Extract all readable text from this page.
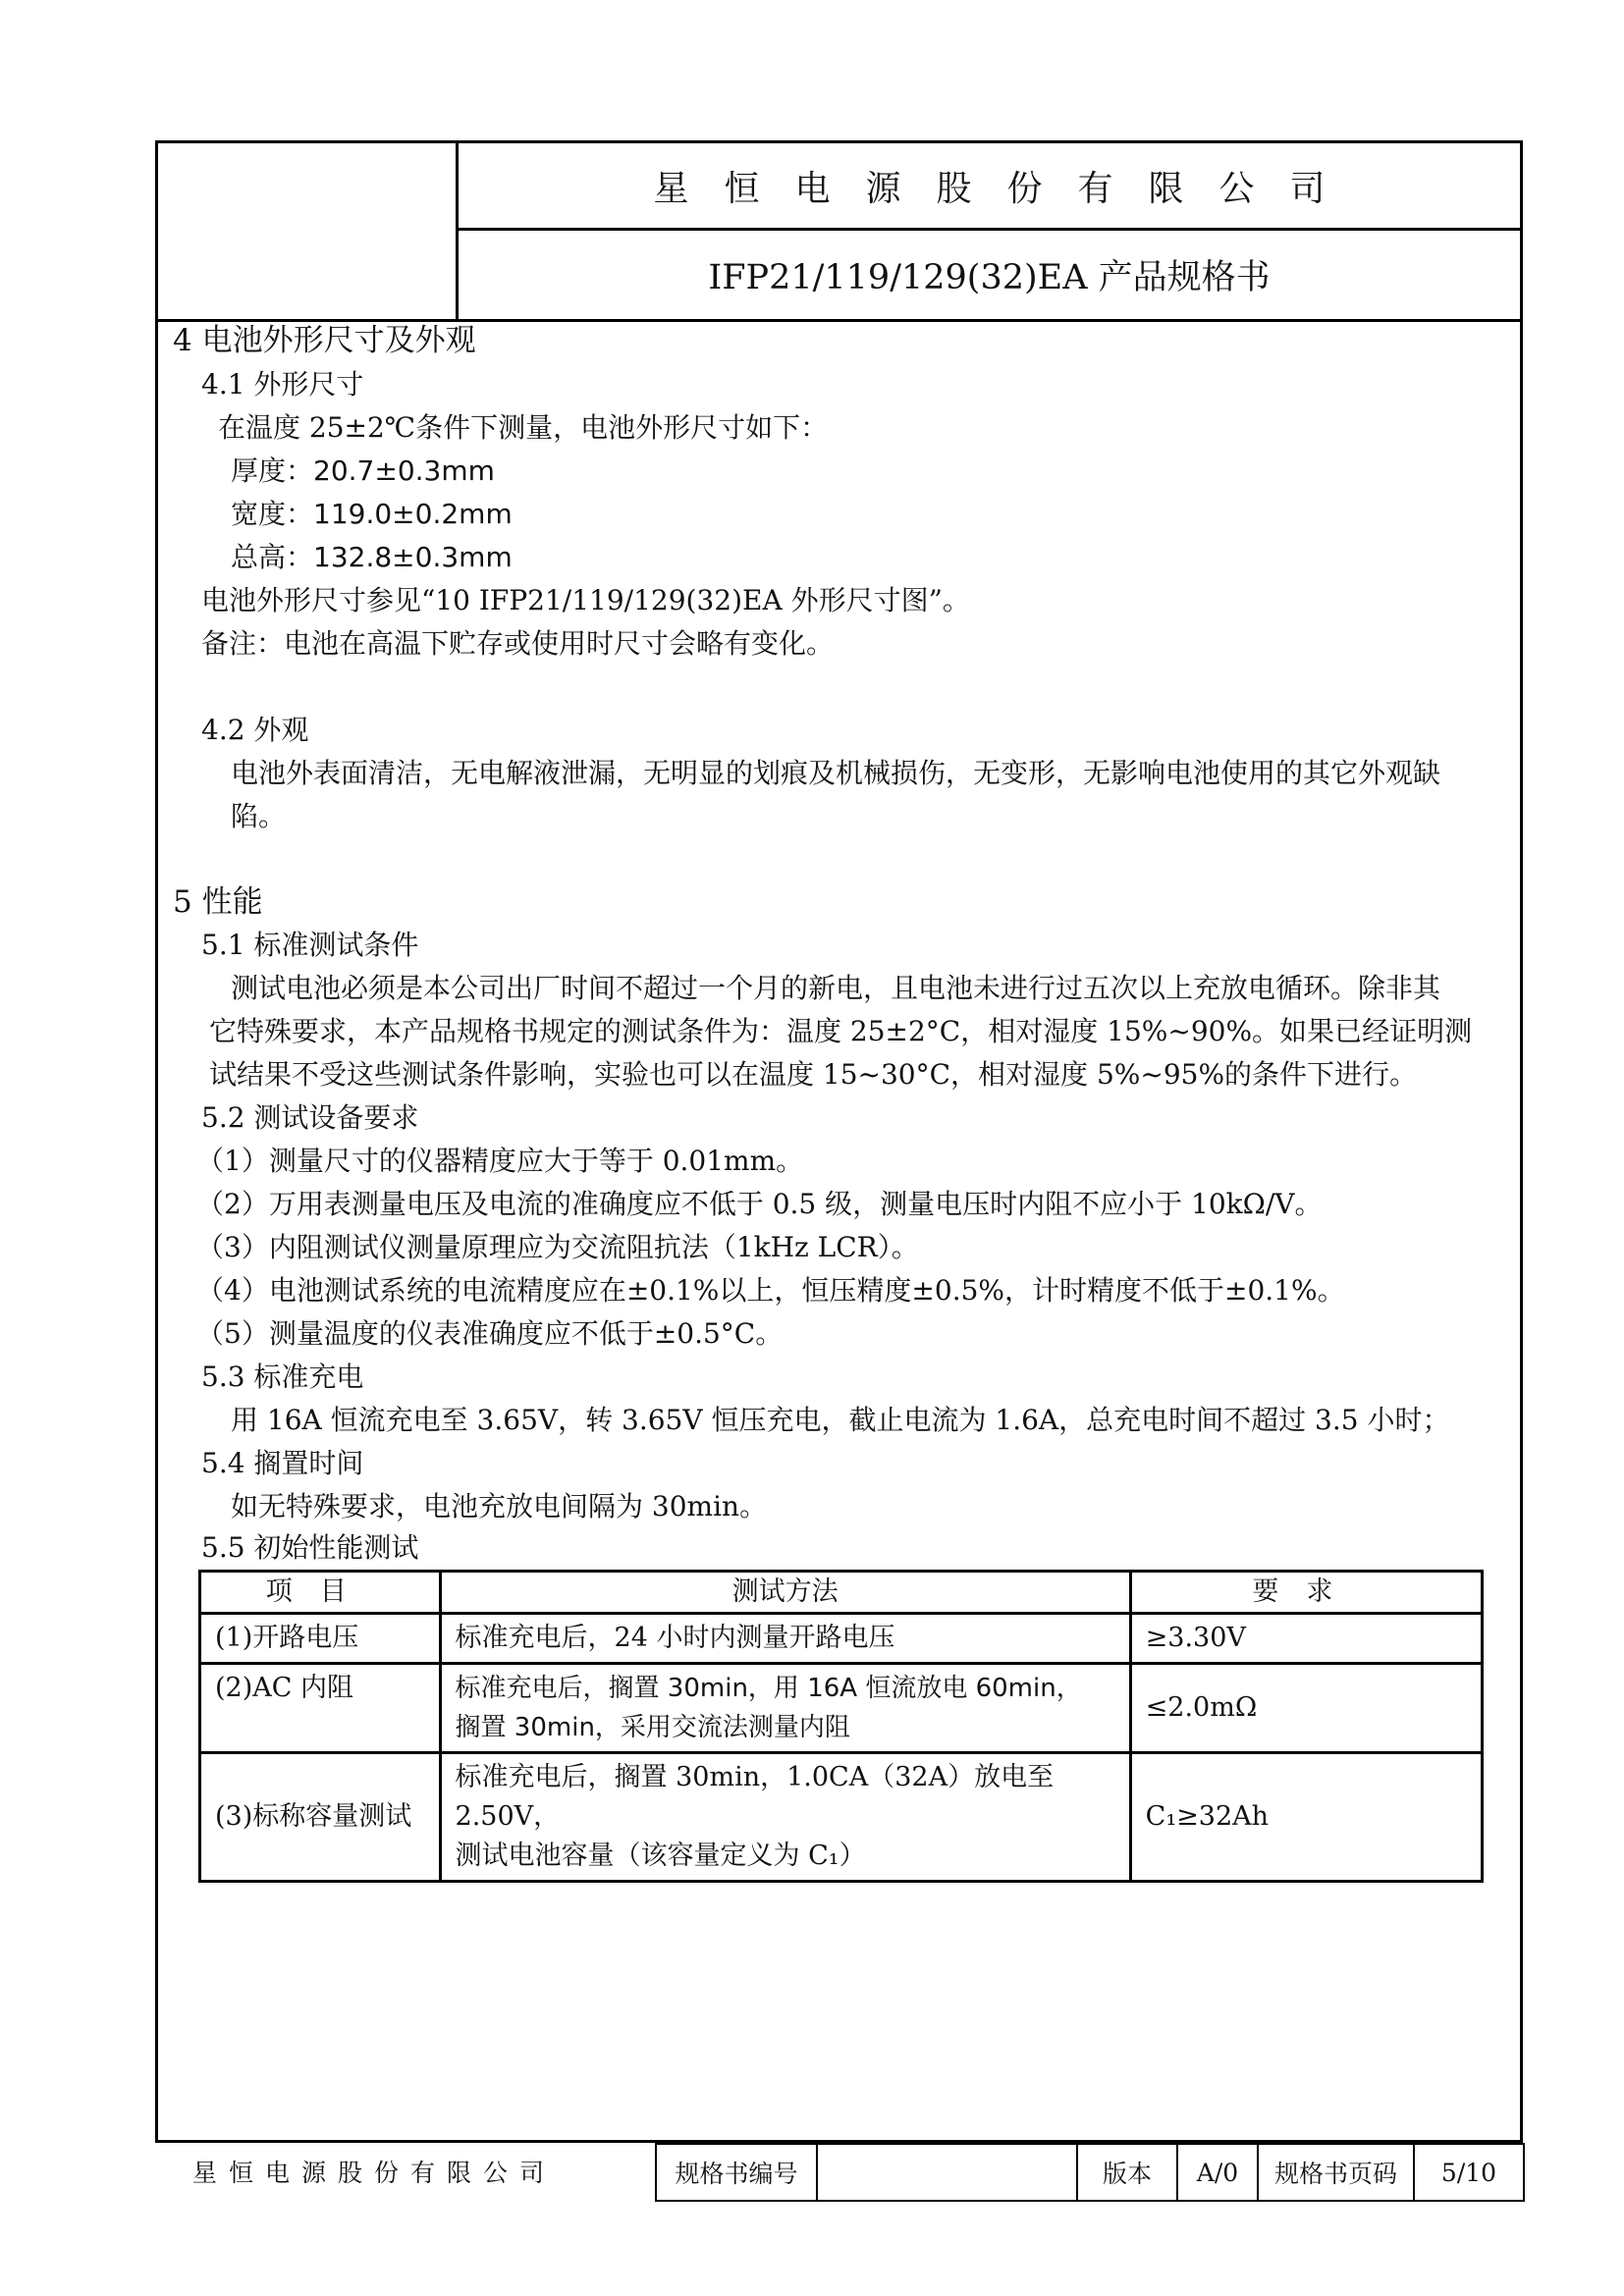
星恒电源股份有限公司
IFP21/119/129(32)EA 产品规格书
4 电池外形尺寸及外观
4.1 外形尺寸
在温度 25±2℃条件下测量，电池外形尺寸如下：
厚度：20.7±0.3mm
宽度：119.0±0.2mm
总高：132.8±0.3mm
电池外形尺寸参见“10 IFP21/119/129(32)EA 外形尺寸图”。
备注：电池在高温下贮存或使用时尺寸会略有变化。
4.2 外观
电池外表面清洁，无电解液泄漏，无明显的划痕及机械损伤，无变形，无影响电池使用的其它外观缺
陷。
5 性能
5.1 标准测试条件
测试电池必须是本公司出厂时间不超过一个月的新电，且电池未进行过五次以上充放电循环。除非其
它特殊要求，本产品规格书规定的测试条件为：温度 25±2°C，相对湿度 15%~90%。如果已经证明测
试结果不受这些测试条件影响，实验也可以在温度 15~30°C，相对湿度 5%~95%的条件下进行。
5.2 测试设备要求
（1）测量尺寸的仪器精度应大于等于 0.01mm。
（2）万用表测量电压及电流的准确度应不低于 0.5 级，测量电压时内阻不应小于 10kΩ/V。
（3）内阻测试仪测量原理应为交流阻抗法（1kHz LCR）。
（4）电池测试系统的电流精度应在±0.1%以上，恒压精度±0.5%，计时精度不低于±0.1%。
（5）测量温度的仪表准确度应不低于±0.5°C。
5.3 标准充电
用 16A 恒流充电至 3.65V，转 3.65V 恒压充电，截止电流为 1.6A，总充电时间不超过 3.5 小时；
5.4 搁置时间
如无特殊要求，电池充放电间隔为 30min。
5.5 初始性能测试
项目	测试方法	要求
(1)开路电压	标准充电后，24 小时内测量开路电压	≥3.30V
(2)AC 内阻	标准充电后，搁置 30min，用 16A 恒流放电 60min，
搁置 30min，采用交流法测量内阻	≤2.0mΩ
(3)标称容量测试	标准充电后，搁置 30min，1.0CA（32A）放电至 2.50V，
测试电池容量（该容量定义为 C₁）	C₁≥32Ah
星恒电源股份有限公司	规格书编号		版本	A/0	规格书页码	5/10
